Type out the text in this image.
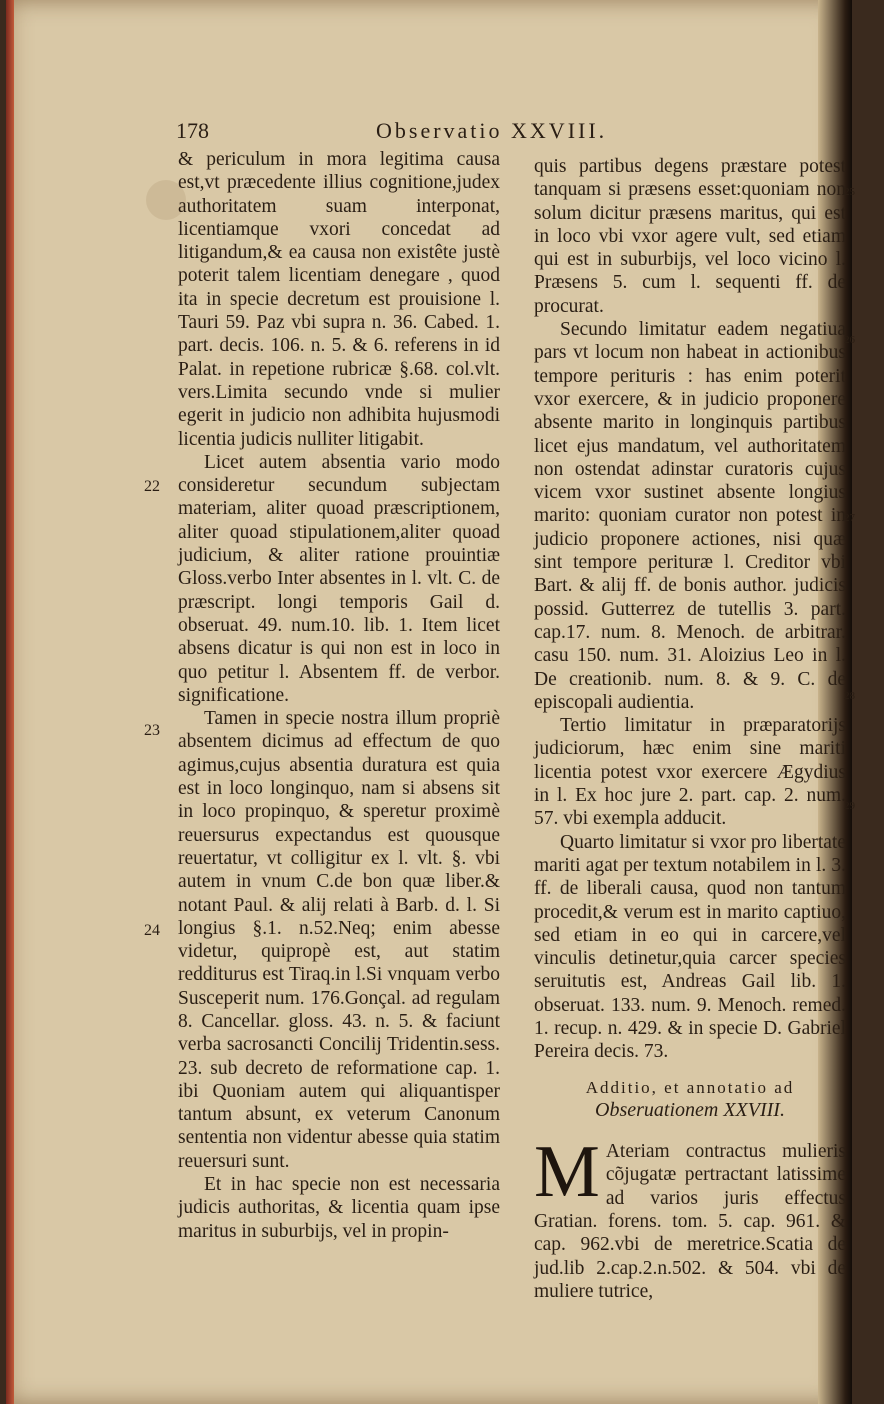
178	Observatio XXVIII.
22
23
24

& periculum in mora legitima causa est,vt præcedente illius cognitione,judex authoritatem suam interponat, licentiamque vxori concedat ad litigandum,& ea causa non existête justè poterit talem licentiam denegare , quod ita in specie decretum est prouisione l. Tauri 59. Paz vbi supra n. 36. Cabed. 1. part. decis. 106. n. 5. & 6. referens in id Palat. in repetione rubricæ §.68. col.vlt. vers.Limita secundo vnde si mulier egerit in judicio non adhibita hujusmodi licentia judicis nulliter litigabit.

Licet autem absentia vario modo consideretur secundum subjectam materiam, aliter quoad præscriptionem, aliter quoad stipulationem,aliter quoad judicium, & aliter ratione prouintiæ Gloss.verbo Inter absentes in l. vlt. C. de præscript. longi temporis Gail d. obseruat. 49. num.10. lib. 1. Item licet absens dicatur is qui non est in loco in quo petitur l. Absentem ff. de verbor. significatione.

Tamen in specie nostra illum propriè absentem dicimus ad effectum de quo agimus,cujus absentia duratura est quia est in loco longinquo, nam si absens sit in loco propinquo, & speretur proximè reuersurus expectandus est quousque reuertatur, vt colligitur ex l. vlt. §. vbi autem in vnum C.de bon quæ liber.& notant Paul. & alij relati à Barb. d. l. Si longius §.1. n.52.Neq; enim abesse videtur, quipropè est, aut statim redditurus est Tiraq.in l.Si vnquam verbo Susceperit num. 176.Gonçal. ad regulam 8. Cancellar. gloss. 43. n. 5. & faciunt verba sacrosancti Concilij Tridentin.sess. 23. sub decreto de reformatione cap. 1. ibi Quoniam autem qui aliquantisper tantum absunt, ex veterum Canonum sententia non videntur abesse quia statim reuersuri sunt.

Et in hac specie non est necessaria judicis authoritas, & licentia quam ipse maritus in suburbijs, vel in propin-

25
26
27
28
29

quis partibus degens præstare potest tanquam si præsens esset:quoniam non solum dicitur præsens maritus, qui est in loco vbi vxor agere vult, sed etiam qui est in suburbijs, vel loco vicino l. Præsens 5. cum l. sequenti ff. de procurat.

Secundo limitatur eadem negatiua pars vt locum non habeat in actionibus tempore perituris : has enim poterit vxor exercere, & in judicio proponere absente marito in longinquis partibus licet ejus mandatum, vel authoritatem non ostendat adinstar curatoris cujus vicem vxor sustinet absente longius marito: quoniam curator non potest in judicio proponere actiones, nisi quæ sint tempore perituræ l. Creditor vbi Bart. & alij ff. de bonis author. judicis possid. Gutterrez de tutellis 3. part. cap.17. num. 8. Menoch. de arbitrar. casu 150. num. 31. Aloizius Leo in l. De creationib. num. 8. & 9. C. de episcopali audientia.

Tertio limitatur in præparatorijs judiciorum, hæc enim sine mariti licentia potest vxor exercere Ægydius in l. Ex hoc jure 2. part. cap. 2. num. 57. vbi exempla adducit.

Quarto limitatur si vxor pro libertate mariti agat per textum notabilem in l. 3. ff. de liberali causa, quod non tantum procedit,& verum est in marito captiuo, sed etiam in eo qui in carcere,vel vinculis detinetur,quia carcer species seruitutis est, Andreas Gail lib. 1. obseruat. 133. num. 9. Menoch. remed. 1. recup. n. 429. & in specie D. Gabriel Pereira decis. 73.

Additio, et annotatio ad
Obseruationem XXVIII.

M Ateriam contractus mulieris cõjugatæ pertractant latissime ad varios juris effectus Gratian. forens. tom. 5. cap. 961. & cap. 962.vbi de meretrice.Scatia de jud.lib 2.cap.2.n.502. & 504. vbi de muliere tutrice,
